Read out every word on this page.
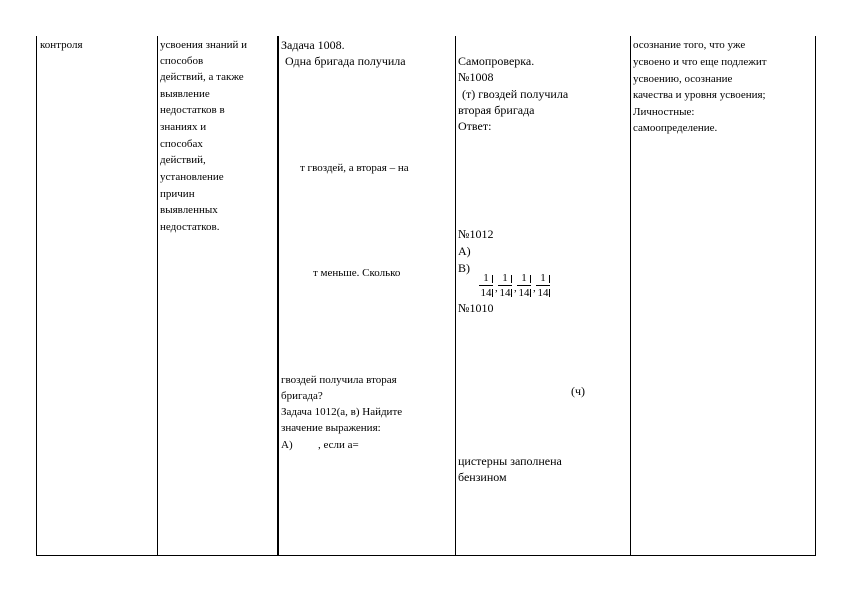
контроля	усвоения знаний и
способов
действий, а также
выявление
недостатков в
знаниях и
способах
действий,
установление
причин
выявленных
недостатков.
Задача 1008.
Одна бригада получила
т гвоздей, а вторая – на
т меньше. Сколько
гвоздей получила вторая
бригада?
Задача 1012(а, в) Найдите
значение выражения:
А) , если а=
Самопроверка.
№1008
(т) гвоздей получила
вторая бригада
Ответ:
№1012
А)
В)
1
14 ,
1
14 ,
1
14 ,
1
14
№1010
(ч)
цистерны заполнена
бензином
осознание того, что уже
усвоено и что еще подлежит
усвоению, осознание
качества и уровня усвоения;
Личностные:
самоопределение.
